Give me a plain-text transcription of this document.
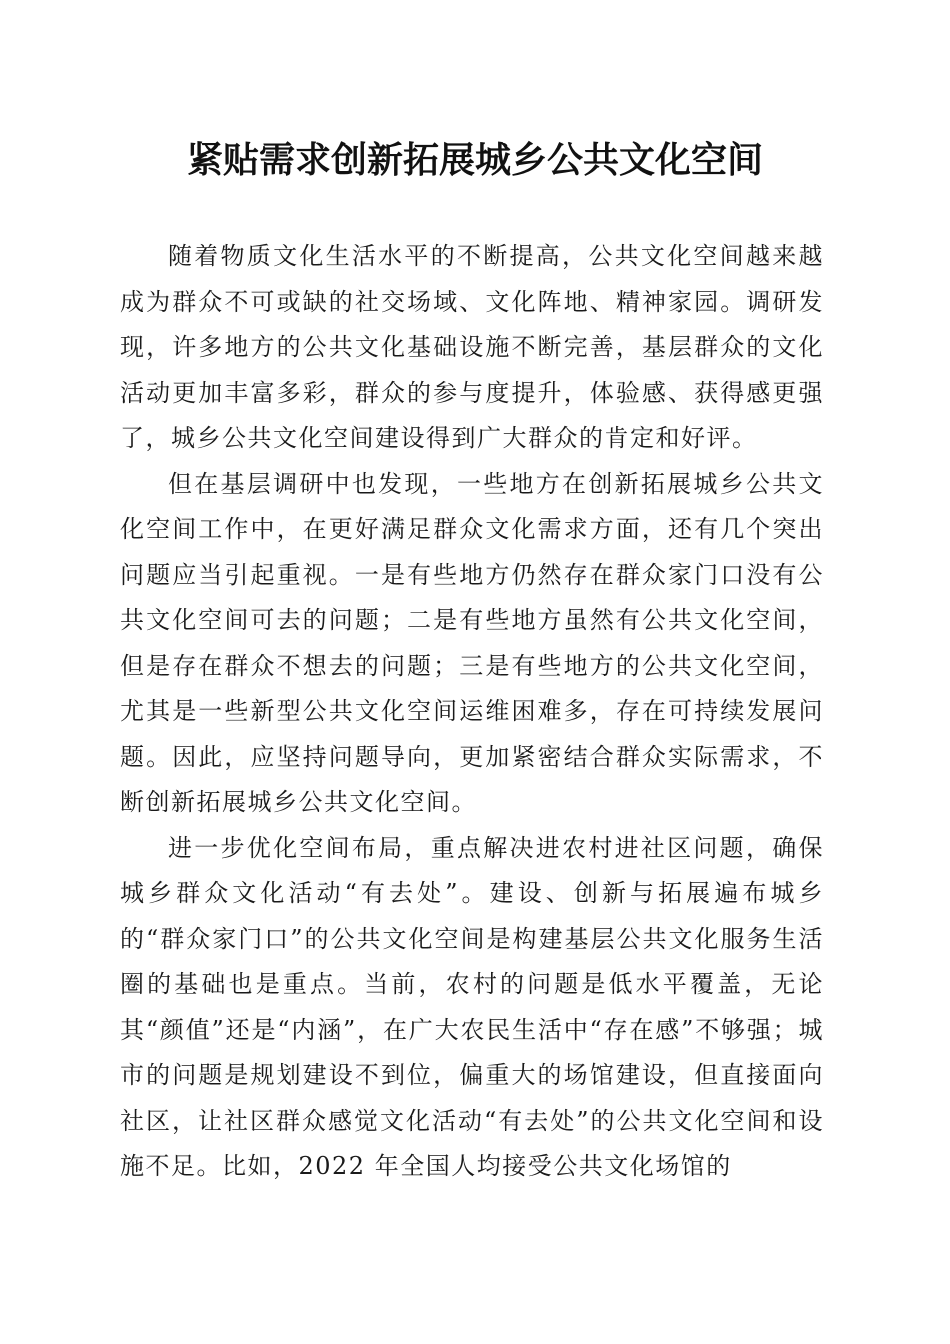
紧贴需求创新拓展城乡公共文化空间

随着物质文化生活水平的不断提高，公共文化空间越来越成为群众不可或缺的社交场域、文化阵地、精神家园。调研发现，许多地方的公共文化基础设施不断完善，基层群众的文化活动更加丰富多彩，群众的参与度提升，体验感、获得感更强了，城乡公共文化空间建设得到广大群众的肯定和好评。

但在基层调研中也发现，一些地方在创新拓展城乡公共文化空间工作中，在更好满足群众文化需求方面，还有几个突出问题应当引起重视。一是有些地方仍然存在群众家门口没有公共文化空间可去的问题；二是有些地方虽然有公共文化空间，但是存在群众不想去的问题；三是有些地方的公共文化空间，尤其是一些新型公共文化空间运维困难多，存在可持续发展问题。因此，应坚持问题导向，更加紧密结合群众实际需求，不断创新拓展城乡公共文化空间。

进一步优化空间布局，重点解决进农村进社区问题，确保城乡群众文化活动“有去处”。建设、创新与拓展遍布城乡的“群众家门口”的公共文化空间是构建基层公共文化服务生活圈的基础也是重点。当前，农村的问题是低水平覆盖，无论其“颜值”还是“内涵”，在广大农民生活中“存在感”不够强；城市的问题是规划建设不到位，偏重大的场馆建设，但直接面向社区，让社区群众感觉文化活动“有去处”的公共文化空间和设施不足。比如，2022 年全国人均接受公共文化场馆的
